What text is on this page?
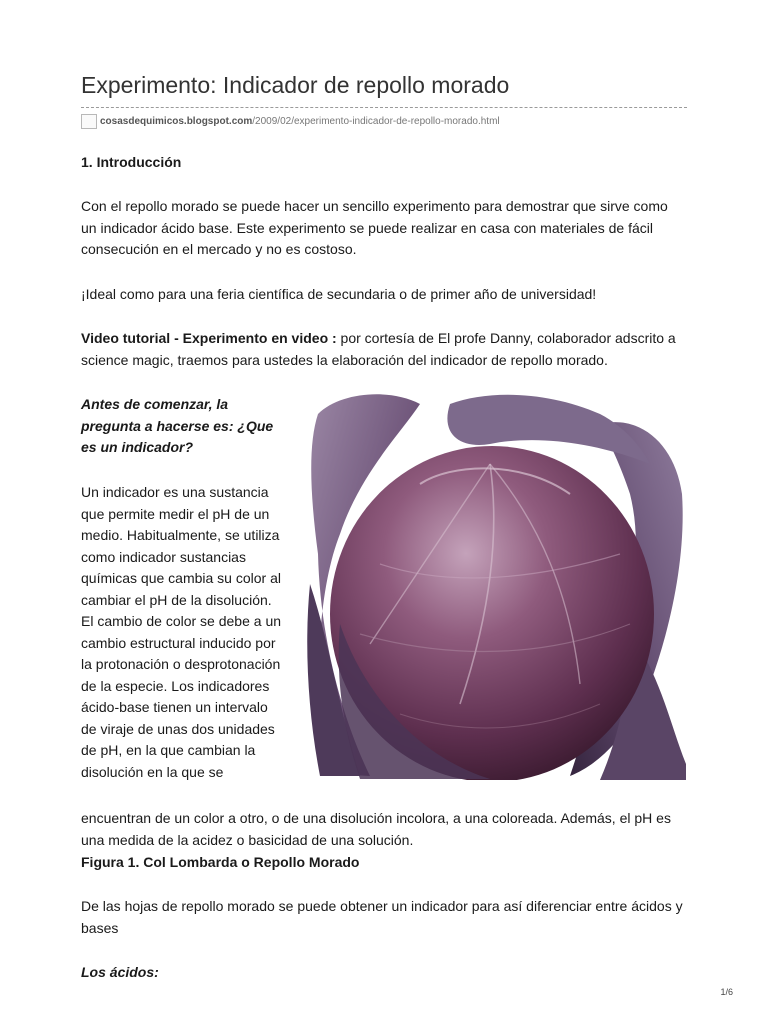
Experimento: Indicador de repollo morado
cosasdequimicos.blogspot.com/2009/02/experimento-indicador-de-repollo-morado.html

1. Introducción

Con el repollo morado se puede hacer un sencillo experimento para demostrar que sirve como un indicador ácido base. Este experimento se puede realizar en casa con materiales de fácil consecución en el mercado y no es costoso.

¡Ideal como para una feria científica de secundaria o de primer año de universidad!

Video tutorial - Experimento en video : por cortesía de El profe Danny, colaborador adscrito a science magic, traemos para ustedes la elaboración del indicador de repollo morado.

Antes de comenzar, la pregunta a hacerse es: ¿Que es un indicador?

Un indicador es una sustancia que permite medir el pH de un medio. Habitualmente, se utiliza como indicador sustancias químicas que cambia su color al cambiar el pH de la disolución. El cambio de color se debe a un cambio estructural inducido por la protonación o desprotonación de la especie. Los indicadores ácido-base tienen un intervalo de viraje de unas dos unidades de pH, en la que cambian la disolución en la que se

encuentran de un color a otro, o de una disolución incolora, a una coloreada. Además, el pH es una medida de la acidez o basicidad de una solución.

Figura 1. Col Lombarda o Repollo Morado

De las hojas de repollo morado se puede obtener un indicador para así diferenciar entre ácidos y bases

Los ácidos:

1/6
